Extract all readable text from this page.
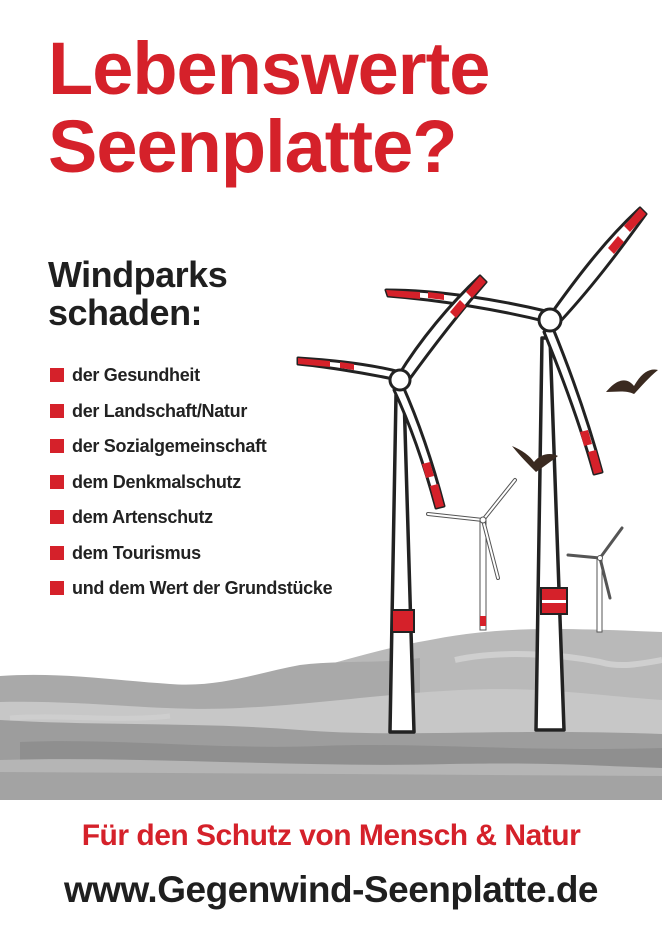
Lebenswerte
Seenplatte?
Windparks
schaden:
der Gesundheit
der Landschaft/Natur
der Sozialgemeinschaft
dem Denkmalschutz
dem Artenschutz
dem Tourismus
und dem Wert der Grundstücke
Für den Schutz von Mensch & Natur
www.Gegenwind-Seenplatte.de
